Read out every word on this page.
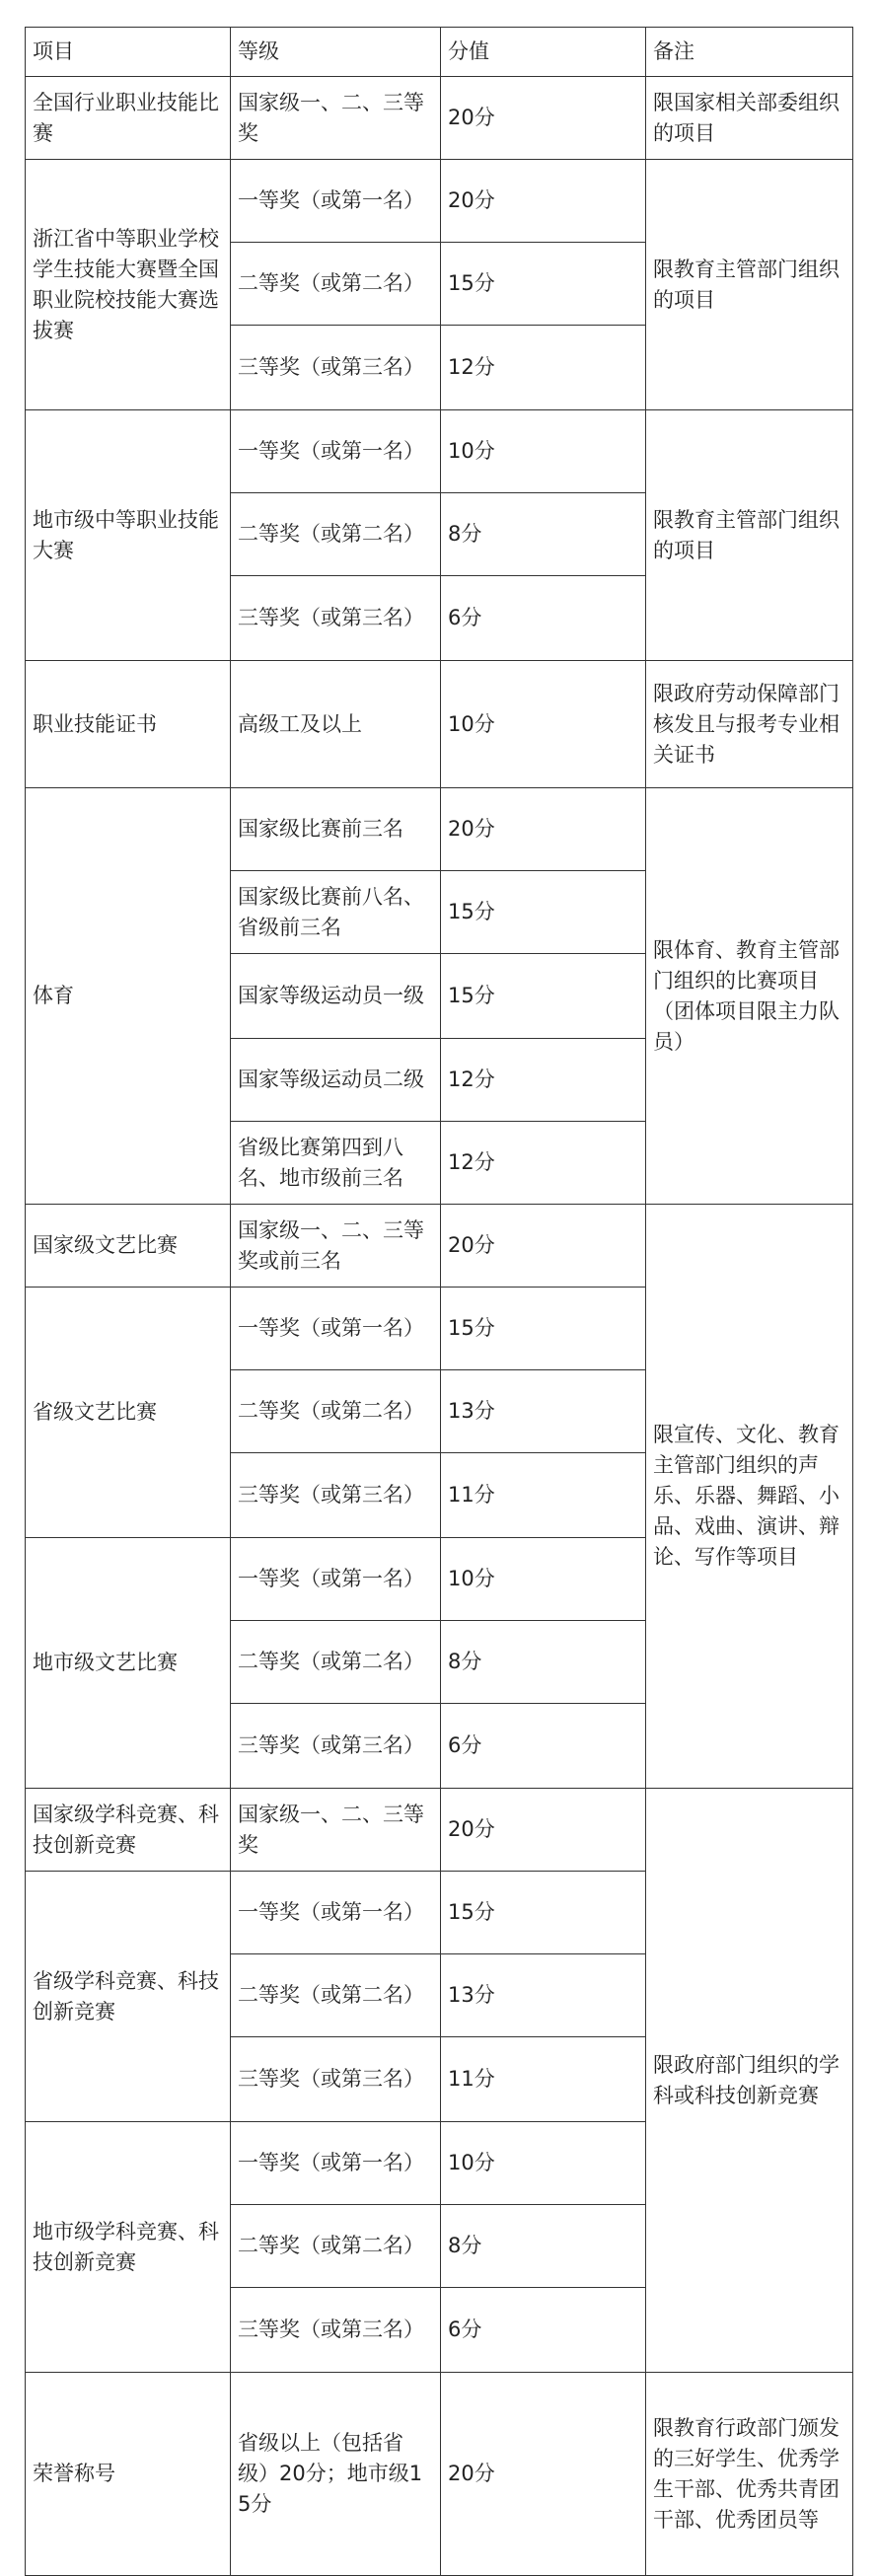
项目	等级	分值	备注
全国行业职业技能比赛	国家级一、二、三等奖	20分	限国家相关部委组织的项目
浙江省中等职业学校学生技能大赛暨全国职业院校技能大赛选拔赛	一等奖（或第一名）	20分	限教育主管部门组织的项目
	二等奖（或第二名）	15分	
	三等奖（或第三名）	12分	
地市级中等职业技能大赛	一等奖（或第一名）	10分	限教育主管部门组织的项目
	二等奖（或第二名）	8分	
	三等奖（或第三名）	6分	
职业技能证书	高级工及以上	10分	限政府劳动保障部门核发且与报考专业相关证书
体育	国家级比赛前三名	20分	限体育、教育主管部门组织的比赛项目（团体项目限主力队员）
	国家级比赛前八名、省级前三名	15分	
	国家等级运动员一级	15分	
	国家等级运动员二级	12分	
	省级比赛第四到八名、地市级前三名	12分	
国家级文艺比赛	国家级一、二、三等奖或前三名	20分	限宣传、文化、教育主管部门组织的声乐、乐器、舞蹈、小品、戏曲、演讲、辩论、写作等项目
省级文艺比赛	一等奖（或第一名）	15分	
	二等奖（或第二名）	13分	
	三等奖（或第三名）	11分	
地市级文艺比赛	一等奖（或第一名）	10分	
	二等奖（或第二名）	8分	
	三等奖（或第三名）	6分	
国家级学科竞赛、科技创新竞赛	国家级一、二、三等奖	20分	限政府部门组织的学科或科技创新竞赛
省级学科竞赛、科技创新竞赛	一等奖（或第一名）	15分	
	二等奖（或第二名）	13分	
	三等奖（或第三名）	11分	
地市级学科竞赛、科技创新竞赛	一等奖（或第一名）	10分	
	二等奖（或第二名）	8分	
	三等奖（或第三名）	6分	
荣誉称号	省级以上（包括省级）20分；地市级15分	20分	限教育行政部门颁发的三好学生、优秀学生干部、优秀共青团干部、优秀团员等
